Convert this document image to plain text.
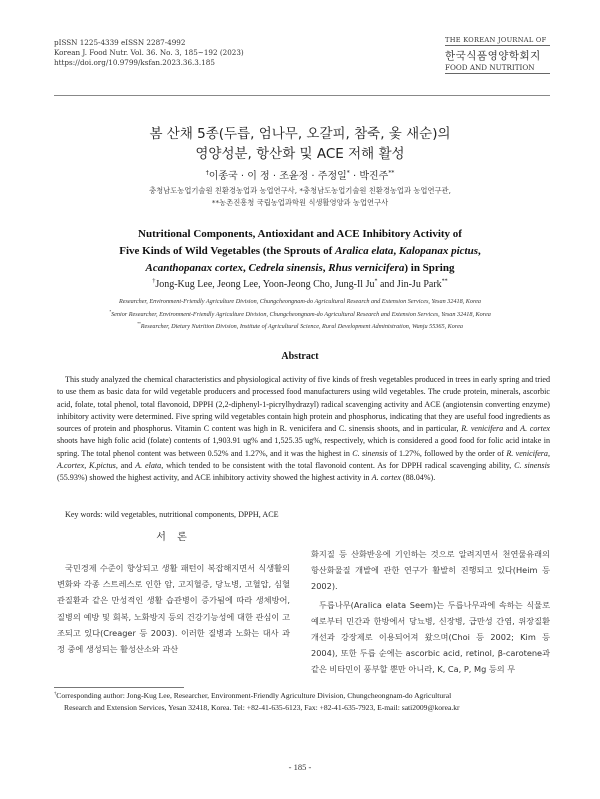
pISSN 1225-4339 eISSN 2287-4992
Korean J. Food Nutr. Vol. 36. No. 3, 185~192 (2023)
https://doi.org/10.9799/ksfan.2023.36.3.185
THE KOREAN JOURNAL OF
한국식품영양학회지
FOOD AND NUTRITION
봄 산채 5종(두릅, 엄나무, 오갈피, 참죽, 옻 새순)의
영양성분, 항산화 및 ACE 저해 활성
†이종국 · 이 정 · 조윤정 · 주정일* · 박진주**
충청남도농업기술원 친환경농업과 농업연구사, *충청남도농업기술원 친환경농업과 농업연구관,
**농촌진흥청 국립농업과학원 식생활영양과 농업연구사
Nutritional Components, Antioxidant and ACE Inhibitory Activity of
Five Kinds of Wild Vegetables (the Sprouts of Aralica elata, Kalopanax pictus,
Acanthopanax cortex, Cedrela sinensis, Rhus vernicifera) in Spring
†Jong-Kug Lee, Jeong Lee, Yoon-Jeong Cho, Jung-Il Ju* and Jin-Ju Park**
Researcher, Environment-Friendly Agriculture Division, Chungcheongnam-do Agricultural Research and Extension Services, Yesan 32418, Korea
*Senior Researcher, Environment-Friendly Agriculture Division, Chungcheongnam-do Agricultural Research and Extension Services, Yesan 32418, Korea
**Researcher, Dietary Nutrition Division, Institute of Agricultural Science, Rural Development Administration, Wanju 55365, Korea
Abstract
This study analyzed the chemical characteristics and physiological activity of five kinds of fresh vegetables produced in trees in early spring and tried to use them as basic data for wild vegetable producers and processed food manufacturers using wild vegetables. The crude protein, minerals, ascorbic acid, folate, total phenol, total flavonoid, DPPH (2,2-diphenyl-1-picrylhydrazyl) radical scavenging activity and ACE (angiotensin converting enzyme) inhibitory activity were determined. Five spring wild vegetables contain high protein and phosphorus, indicating that they are useful food ingredients as sources of protein and phosphorus. Vitamin C content was high in R. venicifera and C. sinensis shoots, and in particular, R. venicifera and A. cortex shoots have high folic acid (folate) contents of 1,903.91 ug% and 1,525.35 ug%, respectively, which is considered a good food for folic acid intake in spring. The total phenol content was between 0.52% and 1.27%, and it was the highest in C. sinensis of 1.27%, followed by the order of R. venicifera, A.cortex, K.pictus, and A. elata, which tended to be consistent with the total flavonoid content. As for DPPH radical scavenging ability, C. sinensis (55.93%) showed the highest activity, and ACE inhibitory activity showed the highest activity in A. cortex (88.04%).
Key words: wild vegetables, nutritional components, DPPH, ACE
서 론
국민경제 수준이 향상되고 생활 패턴이 복잡해지면서 식생활의 변화와 각종 스트레스로 인한 암, 고지혈증, 당뇨병, 고혈압, 심혈관질환과 같은 만성적인 생활 습관병이 증가됨에 따라 생체방어, 질병의 예방 및 회복, 노화방지 등의 건강기능성에 대한 관심이 고조되고 있다(Creager 등 2003). 이러한 질병과 노화는 대사 과정 중에 생성되는 활성산소와 과산
화지질 등 산화반응에 기인하는 것으로 알려지면서 천연물유래의 항산화물질 개발에 관한 연구가 활발히 진행되고 있다(Heim 등 2002).
두릅나무(Aralica elata Seem)는 두릅나무과에 속하는 식물로 예로부터 민간과 한방에서 당뇨병, 신장병, 급만성 간염, 위장질환 개선과 강장제로 이용되어져 왔으며(Choi 등 2002; Kim 등 2004), 또한 두릅 순에는 ascorbic acid, retinol, β-carotene과 같은 비타민이 풍부할 뿐만 아니라, K, Ca, P, Mg 등의 무
†Corresponding author: Jong-Kug Lee, Researcher, Environment-Friendly Agriculture Division, Chungcheongnam-do Agricultural
Research and Extension Services, Yesan 32418, Korea. Tel: +82-41-635-6123, Fax: +82-41-635-7923, E-mail: sati2009@korea.kr
- 185 -
